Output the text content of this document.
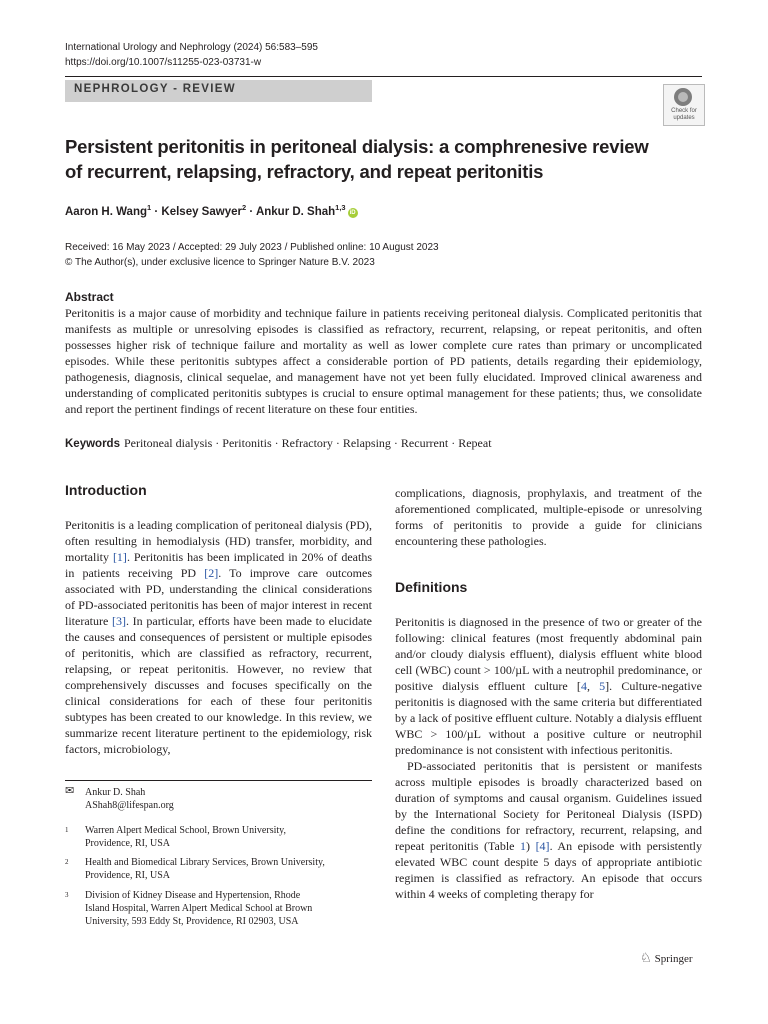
International Urology and Nephrology (2024) 56:583–595
https://doi.org/10.1007/s11255-023-03731-w
NEPHROLOGY - REVIEW
Check for
updates
Persistent peritonitis in peritoneal dialysis: a comphrenesive review
of recurrent, relapsing, refractory, and repeat peritonitis
Aaron H. Wang$^1$ · Kelsey Sawyer$^2$ · Ankur D. Shah$^{1,3}$iD
Received: 16 May 2023 / Accepted: 29 July 2023 / Published online: 10 August 2023
© The Author(s), under exclusive licence to Springer Nature B.V. 2023
Abstract
Peritonitis is a major cause of morbidity and technique failure in patients receiving peritoneal dialysis. Complicated peritonitis that manifests as multiple or unresolving episodes is classified as refractory, recurrent, relapsing, or repeat peritonitis, and often possesses higher risk of technique failure and mortality as well as lower complete cure rates than primary or uncomplicated episodes. While these peritonitis subtypes affect a considerable portion of PD patients, details regarding their epidemiology, pathogenesis, diagnosis, clinical sequelae, and management have not yet been fully elucidated. Improved clinical awareness and understanding of complicated peritonitis subtypes is crucial to ensure optimal management for these patients; thus, we consolidate and report the pertinent findings of recent literature on these four entities.
Keywords Peritoneal dialysis · Peritonitis · Refractory · Relapsing · Recurrent · Repeat
Introduction

Peritonitis is a leading complication of peritoneal dialysis (PD), often resulting in hemodialysis (HD) transfer, morbidity, and mortality [1]. Peritonitis has been implicated in 20% of deaths in patients receiving PD [2]. To improve care outcomes associated with PD, understanding the clinical considerations of PD-associated peritonitis has been of major interest in recent literature [3]. In particular, efforts have been made to elucidate the causes and consequences of persistent or multiple episodes of peritonitis, which are classified as refractory, recurrent, relapsing, or repeat peritonitis. However, no review that comprehensively discusses and focuses specifically on the clinical considerations for each of these four peritonitis subtypes has been created to our knowledge. In this review, we summarize recent literature pertinent to the epidemiology, risk factors, microbiology,

✉ Ankur D. Shah
AShah8@lifespan.org
1 Warren Alpert Medical School, Brown University,
Providence, RI, USA
2 Health and Biomedical Library Services, Brown University,
Providence, RI, USA
3 Division of Kidney Disease and Hypertension, Rhode
Island Hospital, Warren Alpert Medical School at Brown
University, 593 Eddy St, Providence, RI 02903, USA

complications, diagnosis, prophylaxis, and treatment of the aforementioned complicated, multiple-episode or unresolving forms of peritonitis to provide a guide for clinicians encountering these pathologies.

Definitions

Peritonitis is diagnosed in the presence of two or greater of the following: clinical features (most frequently abdominal pain and/or cloudy dialysis effluent), dialysis effluent white blood cell (WBC) count > 100/µL with a neutrophil predominance, or positive dialysis effluent culture [4, 5]. Culture-negative peritonitis is diagnosed with the same criteria but differentiated by a lack of positive effluent culture. Notably a dialysis effluent WBC > 100/µL without a positive culture or neutrophil predominance is not consistent with infectious peritonitis.

PD-associated peritonitis that is persistent or manifests across multiple episodes is broadly characterized based on duration of symptoms and causal organism. Guidelines issued by the International Society for Peritoneal Dialysis (ISPD) define the conditions for refractory, recurrent, relapsing, and repeat peritonitis (Table 1) [4]. An episode with persistently elevated WBC count despite 5 days of appropriate antibiotic regimen is classified as refractory. An episode that occurs within 4 weeks of completing therapy for

♘ Springer
